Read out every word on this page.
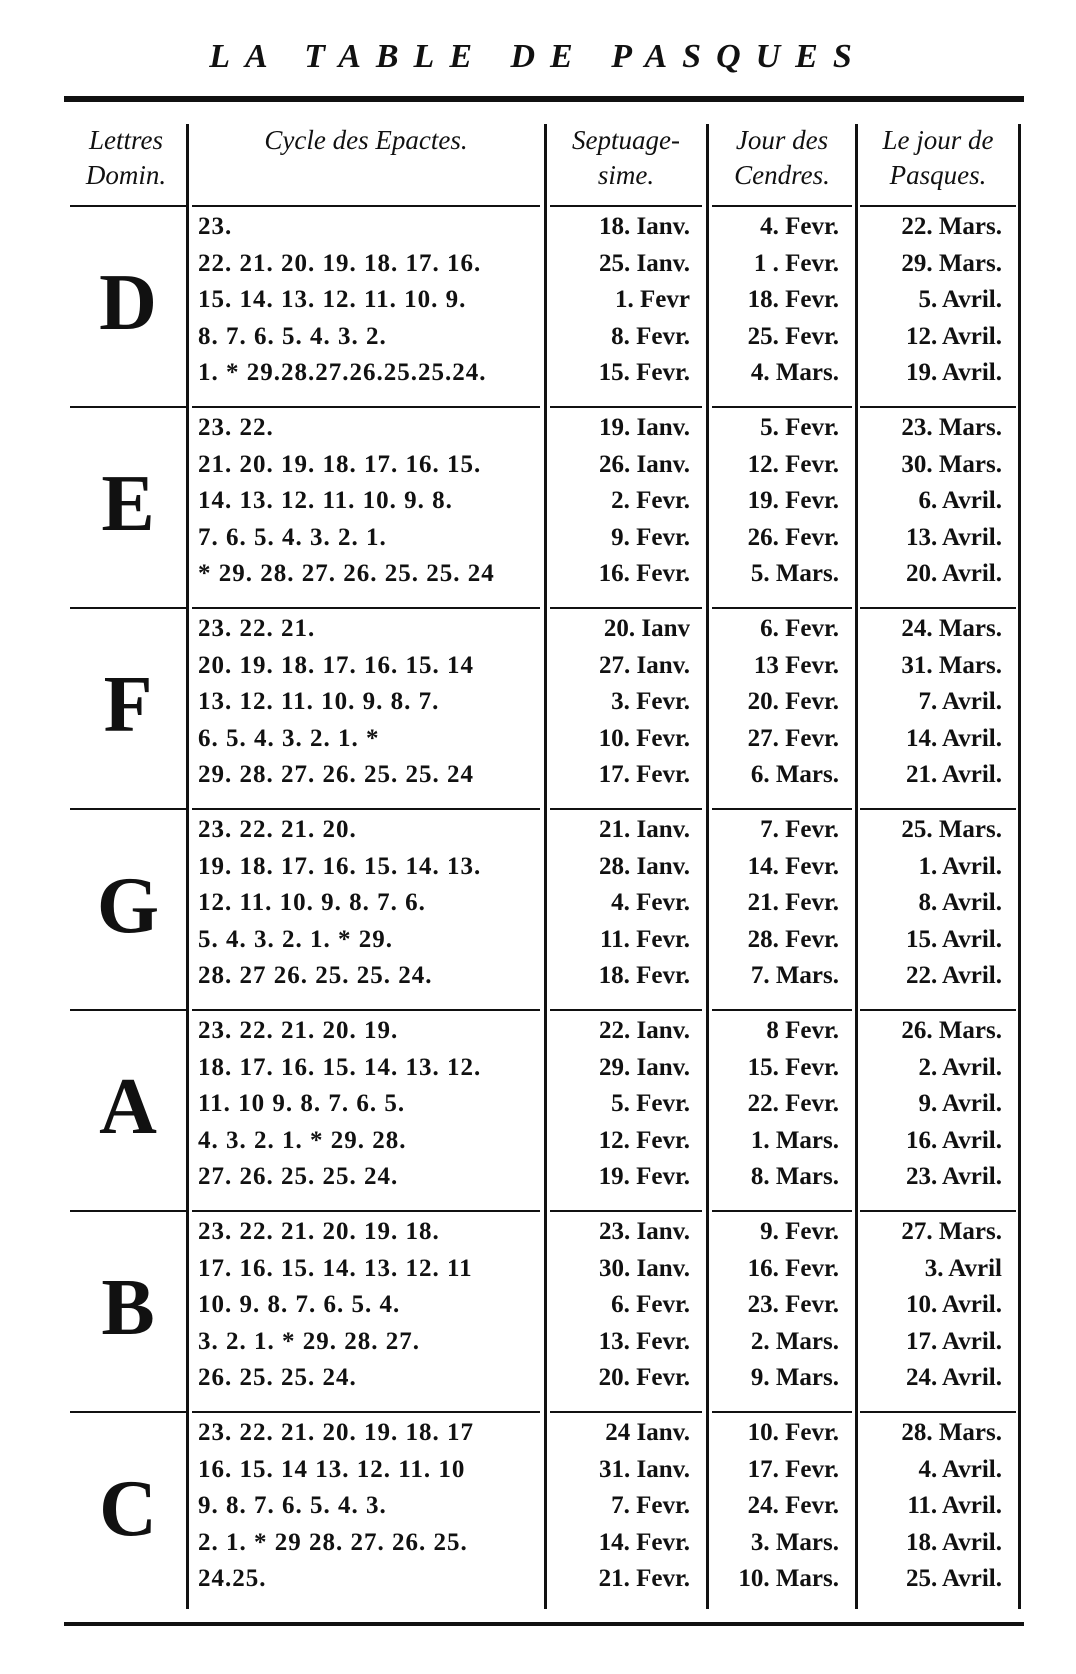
LA TABLE DE PASQUES
Lettres
Domin.
Cycle des Epactes.	Septuage-
sime.
Jour des
Cendres.
Le jour de
Pasques.
D
23.
22. 21. 20. 19. 18. 17. 16.
15. 14. 13. 12. 11. 10. 9.
8. 7. 6. 5. 4. 3. 2.
1. * 29.28.27.26.25.25.24.
18. Ianv.
25. Ianv.
1. Fevr
8. Fevr.
15. Fevr.
4. Fevr.
1 . Fevr.
18. Fevr.
25. Fevr.
4. Mars.
22. Mars.
29. Mars.
5. Avril.
12. Avril.
19. Avril.
E
23. 22.
21. 20. 19. 18. 17. 16. 15.
14. 13. 12. 11. 10. 9. 8.
7. 6. 5. 4. 3. 2. 1.
* 29. 28. 27. 26. 25. 25. 24
19. Ianv.
26. Ianv.
2. Fevr.
9. Fevr.
16. Fevr.
5. Fevr.
12. Fevr.
19. Fevr.
26. Fevr.
5. Mars.
23. Mars.
30. Mars.
6. Avril.
13. Avril.
20. Avril.
F
23. 22. 21.
20. 19. 18. 17. 16. 15. 14
13. 12. 11. 10. 9. 8. 7.
6. 5. 4. 3. 2. 1. *
29. 28. 27. 26. 25. 25. 24
20. Ianv
27. Ianv.
3. Fevr.
10. Fevr.
17. Fevr.
6. Fevr.
13 Fevr.
20. Fevr.
27. Fevr.
6. Mars.
24. Mars.
31. Mars.
7. Avril.
14. Avril.
21. Avril.
G
23. 22. 21. 20.
19. 18. 17. 16. 15. 14. 13.
12. 11. 10. 9. 8. 7. 6.
5. 4. 3. 2. 1. * 29.
28. 27 26. 25. 25. 24.
21. Ianv.
28. Ianv.
4. Fevr.
11. Fevr.
18. Fevr.
7. Fevr.
14. Fevr.
21. Fevr.
28. Fevr.
7. Mars.
25. Mars.
1. Avril.
8. Avril.
15. Avril.
22. Avril.
A
23. 22. 21. 20. 19.
18. 17. 16. 15. 14. 13. 12.
11. 10 9. 8. 7. 6. 5.
4. 3. 2. 1. * 29. 28.
27. 26. 25. 25. 24.
22. Ianv.
29. Ianv.
5. Fevr.
12. Fevr.
19. Fevr.
8 Fevr.
15. Fevr.
22. Fevr.
1. Mars.
8. Mars.
26. Mars.
2. Avril.
9. Avril.
16. Avril.
23. Avril.
B
23. 22. 21. 20. 19. 18.
17. 16. 15. 14. 13. 12. 11
10. 9. 8. 7. 6. 5. 4.
3. 2. 1. * 29. 28. 27.
26. 25. 25. 24.
23. Ianv.
30. Ianv.
6. Fevr.
13. Fevr.
20. Fevr.
9. Fevr.
16. Fevr.
23. Fevr.
2. Mars.
9. Mars.
27. Mars.
3. Avril
10. Avril.
17. Avril.
24. Avril.
C
23. 22. 21. 20. 19. 18. 17
16. 15. 14 13. 12. 11. 10
9. 8. 7. 6. 5. 4. 3.
2. 1. * 29 28. 27. 26. 25.
24.25.
24 Ianv.
31. Ianv.
7. Fevr.
14. Fevr.
21. Fevr.
10. Fevr.
17. Fevr.
24. Fevr.
3. Mars.
10. Mars.
28. Mars.
4. Avril.
11. Avril.
18. Avril.
25. Avril.
